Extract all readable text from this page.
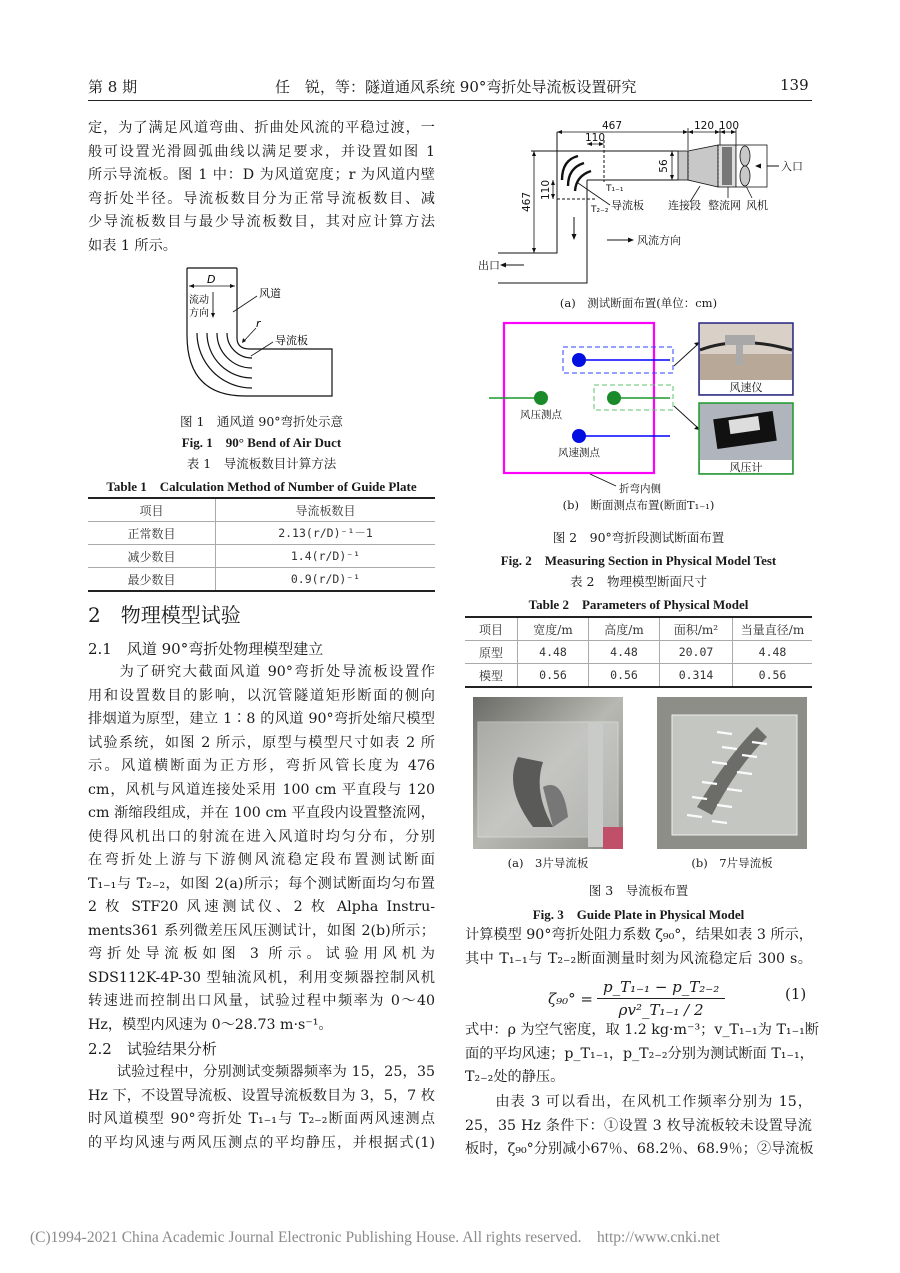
第 8 期	任　锐，等：隧道通风系统 90°弯折处导流板设置研究	139
定，为了满足风道弯曲、折曲处风流的平稳过渡，一
般可设置光滑圆弧曲线以满足要求，并设置如图 1
所示导流板。图 1 中：D 为风道宽度；r 为风道内壁
弯折处半径。导流板数目分为正常导流板数目、减
少导流板数目与最少导流板数目，其对应计算方法
如表 1 所示。
　　为了研究大截面风道 90°弯折处导流板设置作
用和设置数目的影响，以沉管隧道矩形断面的侧向
排烟道为原型，建立 1∶8 的风道 90°弯折处缩尺模型
试验系统，如图 2 所示，原型与模型尺寸如表 2 所
示。风道横断面为正方形，弯折风管长度为 476
cm，风机与风道连接处采用 100 cm 平直段与 120
cm 渐缩段组成，并在 100 cm 平直段内设置整流网，
使得风机出口的射流在进入风道时均匀分布，分别
在弯折处上游与下游侧风流稳定段布置测试断面
T₁₋₁与 T₂₋₂，如图 2(a)所示；每个测试断面均匀布置
2 枚 STF20 风速测试仪、2 枚 Alpha Instru-
ments361 系列微差压风压测试计，如图 2(b)所示；
弯折处导流板如图 3 所示。试验用风机为
SDS112K-4P-30 型轴流风机，利用变频器控制风机
转速进而控制出口风量，试验过程中频率为 0～40
Hz，模型内风速为 0～28.73 m·s⁻¹。
　　试验过程中，分别测试变频器频率为 15，25，35
Hz 下，不设置导流板、设置导流板数目为 3，5，7 枚
时风道模型 90°弯折处 T₁₋₁与 T₂₋₂断面两风速测点
的平均风速与两风压测点的平均静压，并根据式(1)
计算模型 90°弯折处阻力系数 ζ₉₀°，结果如表 3 所示，
其中 T₁₋₁与 T₂₋₂断面测量时刻为风流稳定后 300 s。
式中：ρ 为空气密度，取 1.2 kg·m⁻³；v_T₁₋₁为 T₁₋₁断
面的平均风速；p_T₁₋₁，p_T₂₋₂分别为测试断面 T₁₋₁，
T₂₋₂处的静压。
　　由表 3 可以看出，在风机工作频率分别为 15，
25，35 Hz 条件下：①设置 3 枚导流板较未设置导流
板时，ζ₉₀°分别减小67％、68.2％、68.9％；②导流板
D
流动
方向
风道
r
导流板
图 1　通风道 90°弯折处示意
Fig. 1　90° Bend of Air Duct
表 1　导流板数目计算方法
Table 1　Calculation Method of Number of Guide Plate
项目	导流板数目
正常数目	2.13(r/D)⁻¹－1
减少数目	1.4(r/D)⁻¹
最少数目	0.9(r/D)⁻¹
2　物理模型试验
2.1　风道 90°弯折处物理模型建立
2.2　试验结果分析
467	120 100
110
56
467
110	T₁₋₁
T₂₋₂ 导流板 连接段 整流网 风机
入口
出口
风流方向
(a)　测试断面布置(单位：cm)
风压测点
风速测点
折弯内侧
风速仪
风压计
(b)　断面测点布置(断面T₁₋₁)
图 2　90°弯折段测试断面布置
Fig. 2　Measuring Section in Physical Model Test
表 2　物理模型断面尺寸
Table 2　Parameters of Physical Model
项目	宽度/m	高度/m	面积/m²	当量直径/m
原型	4.48	4.48	20.07	4.48
模型	0.56	0.56	0.314	0.56
(a)　3片导流板	(b)　7片导流板
图 3　导流板布置
Fig. 3　Guide Plate in Physical Model
$\zeta_{90}^\circ = \frac{\text{p\_T₁₋₁ − p\_T₂₋₂}}{\text{ρv²\_T₁₋₁ / 2}}$	(1)
(C)1994-2021 China Academic Journal Electronic Publishing House. All rights reserved.    http://www.cnki.net
